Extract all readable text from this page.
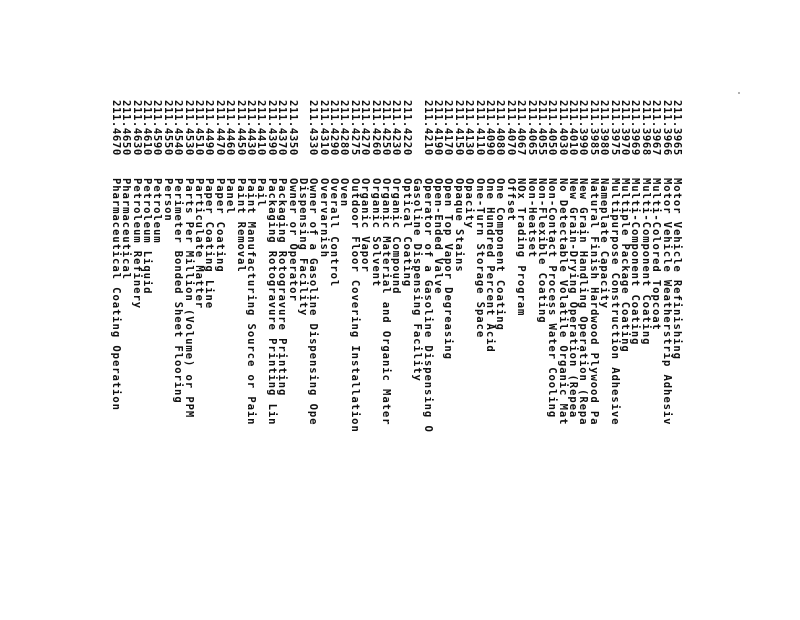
211.3965
Motor Vehicle Refinishing
211.3966
Motor Vehicle Weatherstrip Adhesiv
211.3967
Multi-Colored Topcoat
211.3968
Multi-Component Coating
211.3969
Multi-Component Coating
211.3970
Multiple Package Coating
211.3975
Multipurpose Construction Adhesive
211.3980
Nameplate Capacity
211.3985
Natural Finish Hardwood Plywood Pa
211.3990
New Grain Handling Operation (Repa
211.4010
New Grain-Drying Operation (Repea
211.4030
No Detectable Volatile Organic Mat
211.4050
Non-Contact Process Water Cooling
211.4055
Non-Flexible Coating
211.4065
Non-Heatset
211.4067
NOx Trading Program
211.4070
Offset
211.4080
One Component Coating
211.4090
One Hundred Percent Acid
211.4110
One-Turn Storage Space
211.4130
Opacity
211.4150
Opaque Stains
211.4170
Open Top Vapor Degreasing
211.4190
Open-Ended Valve
211.4210
Operator of a Gasoline Dispensing O
Gasoline Dispensing Facility
211.4220
Optical Coating
211.4230
Organic Compound
211.4250
Organic Material and Organic Mater
211.4260
Organic Solvent
211.4270
Organic Vapor
211.4275
Outdoor Floor Covering Installation
211.4280
Oven
211.4290
Overall Control
211.4310
Overvarnish
211.4330
Owner of a Gasoline Dispensing Ope
Dispensing Facility
211.4350
Owner or Operator
211.4370
Packaging Rotogravure Printing
211.4390
Packaging Rotogravure Printing Lin
211.4410
Pail
211.4430
Paint Manufacturing Source or Pain
211.4450
Paint Removal
211.4460
Panel
211.4470
Paper Coating
211.4490
Paper Coating Line
211.4510
Particulate Matter
211.4530
Parts Per Million (Volume) or PPM
211.4540
Perimeter Bonded Sheet Flooring
211.4550
Person
211.4590
Petroleum
211.4610
Petroleum Liquid
211.4630
Petroleum Refinery
211.4650
Pharmaceutical
211.4670
Pharmaceutical Coating Operation
